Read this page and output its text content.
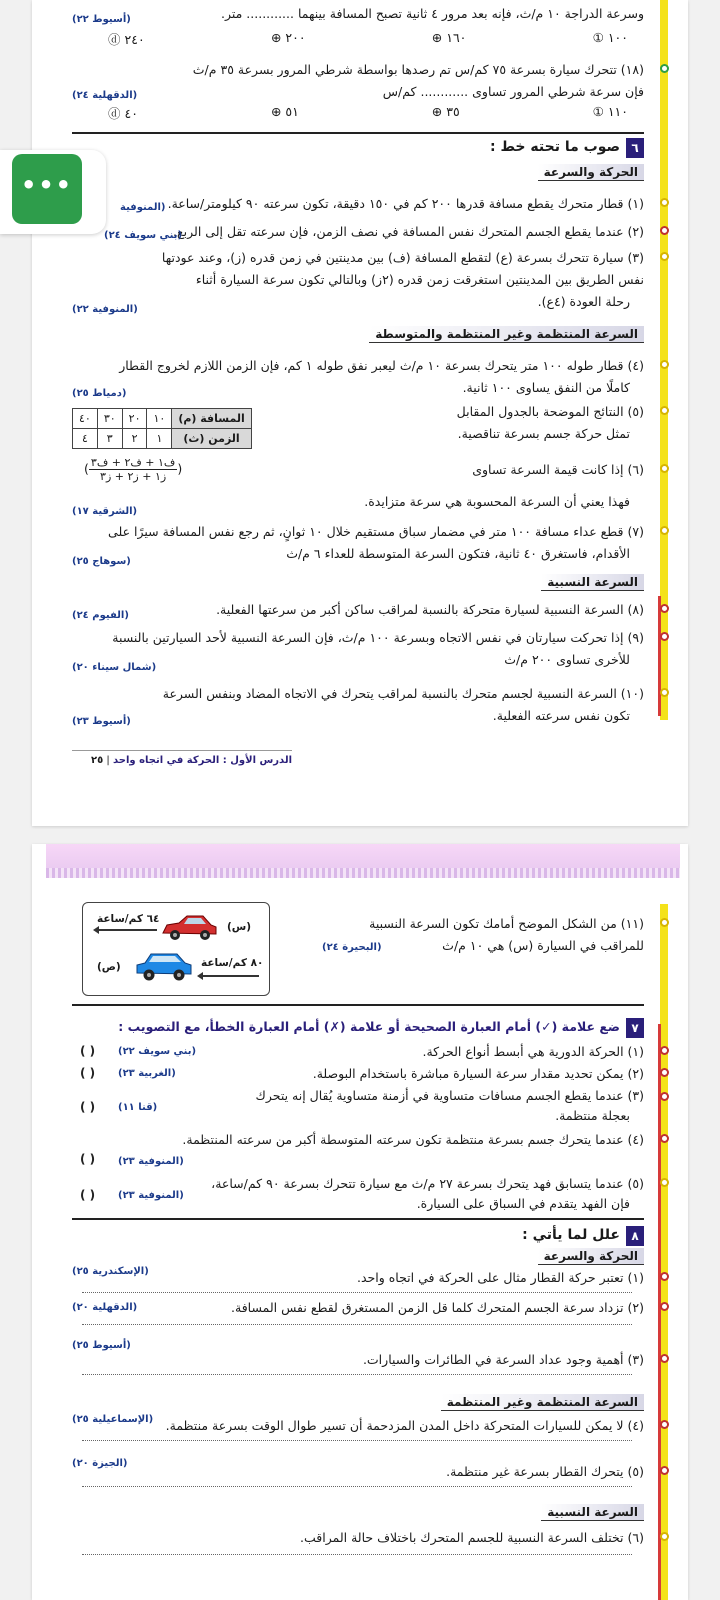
وسرعة الدراجة ١٠ م/ث، فإنه بعد مرور ٤ ثانية تصبح المسافة بينهما ............ متر.
(أسيوط ٢٢)
١٠٠ ①
١٦٠ ⊕
٢٠٠ ⊕
٢٤٠ ⓓ
(١٨) تتحرك سيارة بسرعة ٧٥ كم/س تم رصدها بواسطة شرطي المرور بسرعة ٣٥ م/ث
فإن سرعة شرطي المرور تساوى ............ كم/س
(الدقهلية ٢٤)
١١٠ ①
٣٥ ⊕
٥١ ⊕
٤٠ ⓓ
٦
صوب ما تحته خط :
الحركة والسرعة
(١) قطار متحرك يقطع مسافة قدرها ٢٠٠ كم في ١٥٠ دقيقة، تكون سرعته ٩٠ كيلومتر/ساعة.
(المنوفية
(٢) عندما يقطع الجسم المتحرك نفس المسافة في نصف الزمن، فإن سرعته تقل إلى الربع.
(بني سويف ٢٤)
(٣) سيارة تتحرك بسرعة (ع) لتقطع المسافة (ف) بين مدينتين في زمن قدره (ز)، وعند عودتها
نفس الطريق بين المدينتين استغرقت زمن قدره (٢ز) وبالتالي تكون سرعة السيارة أثناء
رحلة العودة (٤ع).
(المنوفية ٢٢)
السرعة المنتظمة وغير المنتظمة والمتوسطة
(٤) قطار طوله ١٠٠ متر يتحرك بسرعة ١٠ م/ث ليعبر نفق طوله ١ كم، فإن الزمن اللازم لخروج القطار
كاملًا من النفق يساوى ١٠٠ ثانية.
(دمياط ٢٥)
(٥) النتائج الموضحة بالجدول المقابل
تمثل حركة جسم بسرعة تناقصية.
المسافة (م)	١٠	٢٠	٣٠	٤٠
الزمن (ث)	١	٢	٣	٤
(٦) إذا كانت قيمة السرعة تساوى
( $\frac{\text{ف١ + ف٢ + ف٣}}{\text{ز١ + ز٢ + ز٣}}$ )
فهذا يعني أن السرعة المحسوبة هي سرعة متزايدة.
(الشرقية ١٧)
(٧) قطع عداء مسافة ١٠٠ متر في مضمار سباق مستقيم خلال ١٠ ثوانٍ، ثم رجع نفس المسافة سيرًا على
الأقدام، فاستغرق ٤٠ ثانية، فتكون السرعة المتوسطة للعداء ٦ م/ث
(سوهاج ٢٥)
السرعة النسبية
(٨) السرعة النسبية لسيارة متحركة بالنسبة لمراقب ساكن أكبر من سرعتها الفعلية.
(الفيوم ٢٤)
(٩) إذا تحركت سيارتان في نفس الاتجاه وبسرعة ١٠٠ م/ث، فإن السرعة النسبية لأحد السيارتين بالنسبة
للأخرى تساوى ٢٠٠ م/ث
(شمال سيناء ٢٠)
(١٠) السرعة النسبية لجسم متحرك بالنسبة لمراقب يتحرك في الاتجاه المضاد وبنفس السرعة
تكون نفس سرعته الفعلية.
(أسيوط ٢٣)
الدرس الأول : الحركة في اتجاه واحد | ٢٥
•••
(١١) من الشكل الموضح أمامك تكون السرعة النسبية
للمراقب في السيارة (س) هي ١٠ م/ث
(البحيرة ٢٤)
٦٤ كم/ساعة
(س)
(ص)	٨٠ كم/ساعة
٧
ضع علامة (✓) أمام العبارة الصحيحة أو علامة (✗) أمام العبارة الخطأ، مع التصويب :
(١) الحركة الدورية هي أبسط أنواع الحركة.
(بني سويف ٢٢)
( )
(٢) يمكن تحديد مقدار سرعة السيارة مباشرة باستخدام البوصلة.
(الغربية ٢٣)
( )
(٣) عندما يقطع الجسم مسافات متساوية في أزمنة متساوية يُقال إنه يتحرك
بعجلة منتظمة.
(قنا ١١)
( )
(٤) عندما يتحرك جسم بسرعة منتظمة تكون سرعته المتوسطة أكبر من سرعته المنتظمة.
(المنوفية ٢٣)
( )
(٥) عندما يتسابق فهد يتحرك بسرعة ٢٧ م/ث مع سيارة تتحرك بسرعة ٩٠ كم/ساعة،
فإن الفهد يتقدم في السباق على السيارة.
(المنوفية ٢٣)
( )
٨
علل لما يأتي :
الحركة والسرعة
(١) تعتبر حركة القطار مثال على الحركة في اتجاه واحد.
(الإسكندرية ٢٥)
(٢) تزداد سرعة الجسم المتحرك كلما قل الزمن المستغرق لقطع نفس المسافة.
(الدقهلية ٢٠)
(٣) أهمية وجود عداد السرعة في الطائرات والسيارات.
(أسيوط ٢٥)
السرعة المنتظمة وغير المنتظمة
(٤) لا يمكن للسيارات المتحركة داخل المدن المزدحمة أن تسير طوال الوقت بسرعة منتظمة.
(الإسماعيلية ٢٥)
(٥) يتحرك القطار بسرعة غير منتظمة.
(الجيزة ٢٠)
السرعة النسبية
(٦) تختلف السرعة النسبية للجسم المتحرك باختلاف حالة المراقب.
